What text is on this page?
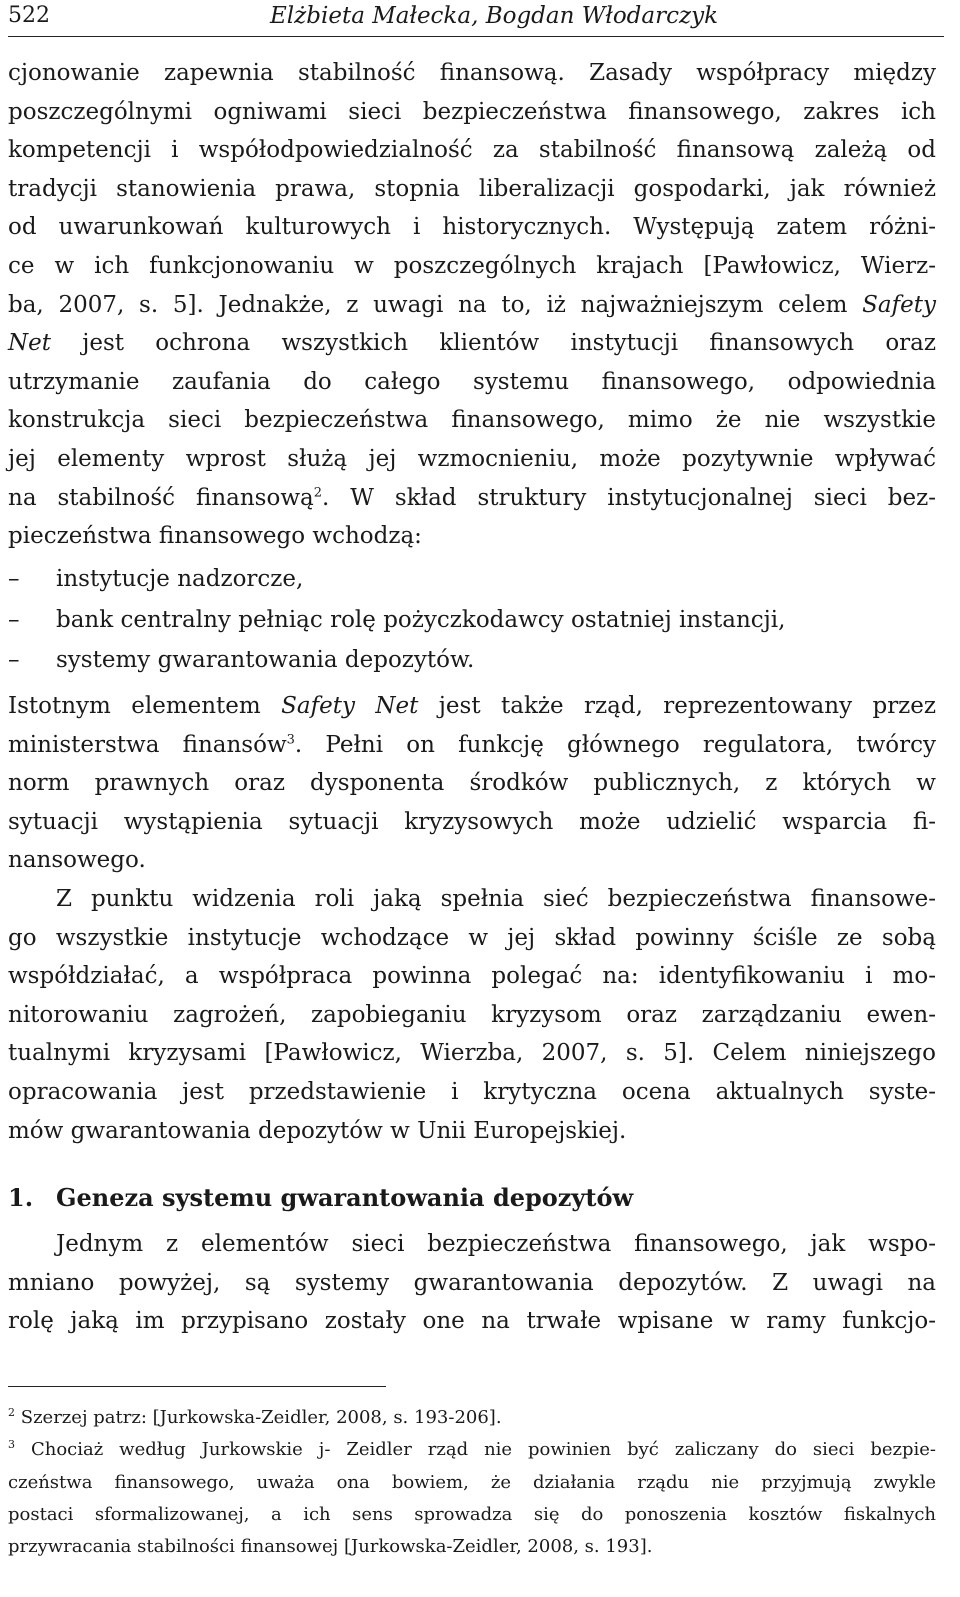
522	Elżbieta Małecka, Bogdan Włodarczyk
cjonowanie zapewnia stabilność finansową. Zasady współpracy między
poszczególnymi ogniwami sieci bezpieczeństwa finansowego, zakres ich
kompetencji i współodpowiedzialność za stabilność finansową zależą od
tradycji stanowienia prawa, stopnia liberalizacji gospodarki, jak również
od uwarunkowań kulturowych i historycznych. Występują zatem różni-
ce w ich funkcjonowaniu w poszczególnych krajach [Pawłowicz, Wierz-
ba, 2007, s. 5]. Jednakże, z uwagi na to, iż najważniejszym celem Safety
Net jest ochrona wszystkich klientów instytucji finansowych oraz
utrzymanie zaufania do całego systemu finansowego, odpowiednia
konstrukcja sieci bezpieczeństwa finansowego, mimo że nie wszystkie
jej elementy wprost służą jej wzmocnieniu, może pozytywnie wpływać
na stabilność finansową$^2$. W skład struktury instytucjonalnej sieci bez-
pieczeństwa finansowego wchodzą:
–	instytucje nadzorcze,
–	bank centralny pełniąc rolę pożyczkodawcy ostatniej instancji,
–	systemy gwarantowania depozytów.
Istotnym elementem Safety Net jest także rząd, reprezentowany przez
ministerstwa finansów$^3$. Pełni on funkcję głównego regulatora, twórcy
norm prawnych oraz dysponenta środków publicznych, z których w
sytuacji wystąpienia sytuacji kryzysowych może udzielić wsparcia fi-
nansowego.
Z punktu widzenia roli jaką spełnia sieć bezpieczeństwa finansowe-
go wszystkie instytucje wchodzące w jej skład powinny ściśle ze sobą
współdziałać, a współpraca powinna polegać na: identyfikowaniu i mo-
nitorowaniu zagrożeń, zapobieganiu kryzysom oraz zarządzaniu ewen-
tualnymi kryzysami [Pawłowicz, Wierzba, 2007, s. 5]. Celem niniejszego
opracowania jest przedstawienie i krytyczna ocena aktualnych syste-
mów gwarantowania depozytów w Unii Europejskiej.
1. Geneza systemu gwarantowania depozytów
Jednym z elementów sieci bezpieczeństwa finansowego, jak wspo-
mniano powyżej, są systemy gwarantowania depozytów. Z uwagi na
rolę jaką im przypisano zostały one na trwałe wpisane w ramy funkcjo-
$^2$ Szerzej patrz: [Jurkowska-Zeidler, 2008, s. 193-206].
$^3$ Chociaż według Jurkowskie j- Zeidler rząd nie powinien być zaliczany do sieci bezpie-
czeństwa finansowego, uważa ona bowiem, że działania rządu nie przyjmują zwykle
postaci sformalizowanej, a ich sens sprowadza się do ponoszenia kosztów fiskalnych
przywracania stabilności finansowej [Jurkowska-Zeidler, 2008, s. 193].
